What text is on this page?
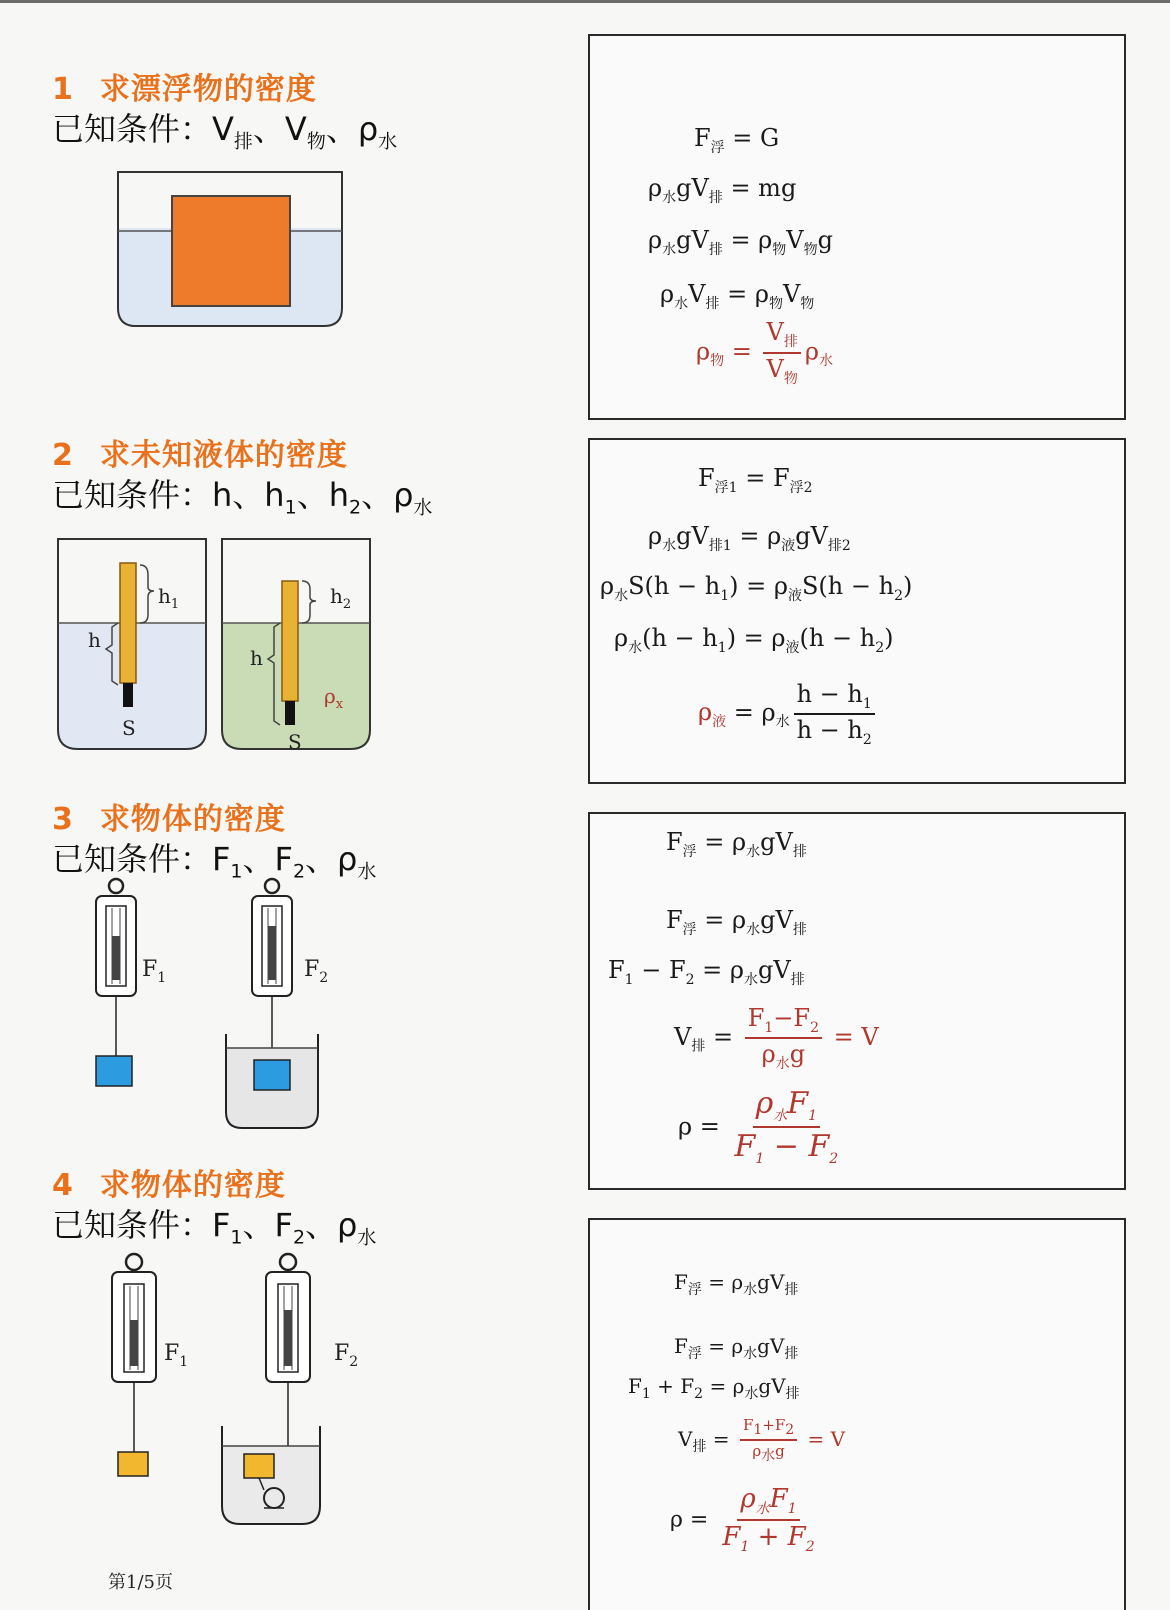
1 求漂浮物的密度
已知条件：$V_排$、$V_物$、$\rho_水$	$F_浮 = G$
$\rho_水gV_排$ = mg
$\rho_水gV_排 = \rho_物V_物g$
$\rho_水V_排 = \rho_物V_物$
$\rho_物 = \frac{V_排}{V_物} \rho_水$
2 求未知液体的密度
已知条件：h、$h_1$、$h_2$、$\rho_水$
$h_1$
h
S
$h_2$
h
S
$\rho_x$
$F_{浮1} = F_{浮2}$
$\rho_水gV_{排1} = \rho_液gV_{排2}$
$\rho_水S(h - h_1) = \rho_液S(h - h_2)$
$\rho_水(h - h_1) = \rho_液(h - h_2)$
$\rho_液 = \rho_水 \frac{h - h_1}{h - h_2}$
3 求物体的密度
已知条件：$F_1$、$F_2$、$\rho_水$
$F_1$	$F_2$
$F_浮 = \rho_水gV_排$
$F_浮 = \rho_水gV_排$
$F_1 - F_2 = \rho_水gV_排$
$V_排 = \frac{F_1-F_2}{\rho_水g} = V$
$\rho = \frac{\rho_水F_1}{F_1 - F_2}$
4 求物体的密度
已知条件：$F_1$、$F_2$、$\rho_水$
$F_1$	$F_2$
$F_浮 = \rho_水gV_排$
$F_浮 = \rho_水gV_排$
$F_1 + F_2 = \rho_水gV_排$
$V_排 = \frac{F_1+F_2}{\rho_水g} = V$
$\rho = \frac{\rho_水F_1}{F_1 + F_2}$
第1/5页
